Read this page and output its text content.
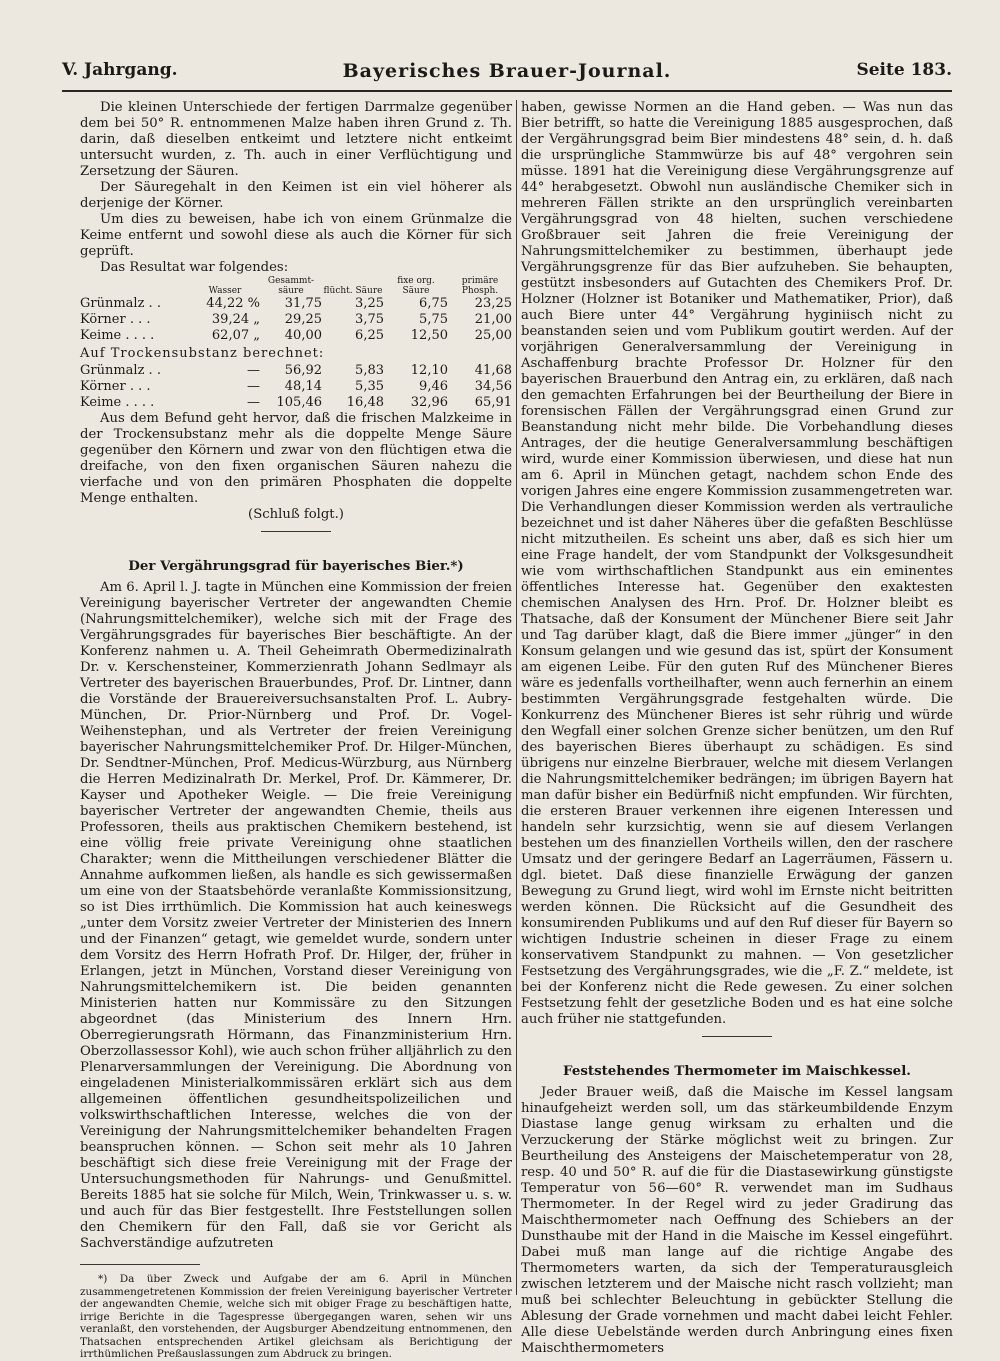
V. Jahrgang.	Bayerisches Brauer-Journal.	Seite 183.

Die kleinen Unterschiede der fertigen Darrmalze gegenüber dem bei 50° R. entnommenen Malze haben ihren Grund z. Th. darin, daß dieselben entkeimt und letztere nicht entkeimt untersucht wurden, z. Th. auch in einer Verflüchtigung und Zersetzung der Säuren.

Der Säuregehalt in den Keimen ist ein viel höherer als derjenige der Körner.

Um dies zu beweisen, habe ich von einem Grünmalze die Keime entfernt und sowohl diese als auch die Körner für sich geprüft.

Das Resultat war folgendes:

	Wasser	Gesammt-säure	flücht. Säure	fixe org. Säure	primäre Phosph.
Grünmalz . .	44,22 %	31,75	3,25	6,75	23,25
Körner . . .	39,24 „	29,25	3,75	5,75	21,00
Keime . . . .	62,07 „	40,00	6,25	12,50	25,00

Auf Trockensubstanz berechnet:					

Grünmalz . .	—	56,92	5,83	12,10	41,68
Körner . . .	—	48,14	5,35	9,46	34,56
Keime . . . .	—	105,46	16,48	32,96	65,91

Aus dem Befund geht hervor, daß die frischen Malzkeime in der Trockensubstanz mehr als die doppelte Menge Säure gegenüber den Körnern und zwar von den flüchtigen etwa die dreifache, von den fixen organischen Säuren nahezu die vierfache und von den primären Phosphaten die doppelte Menge enthalten.

(Schluß folgt.)

Der Vergährungsgrad für bayerisches Bier.*)

Am 6. April l. J. tagte in München eine Kommission der freien Vereinigung bayerischer Vertreter der angewandten Chemie (Nahrungsmittelchemiker), welche sich mit der Frage des Vergährungsgrades für bayerisches Bier beschäftigte. An der Konferenz nahmen u. A. Theil Geheimrath Obermedizinalrath Dr. v. Kerschensteiner, Kommerzienrath Johann Sedlmayr als Vertreter des bayerischen Brauerbundes, Prof. Dr. Lintner, dann die Vorstände der Brauereiversuchsanstalten Prof. L. Aubry-München, Dr. Prior-Nürnberg und Prof. Dr. Vogel-Weihenstephan, und als Vertreter der freien Vereinigung bayerischer Nahrungsmittelchemiker Prof. Dr. Hilger-München, Dr. Sendtner-München, Prof. Medicus-Würzburg, aus Nürnberg die Herren Medizinalrath Dr. Merkel, Prof. Dr. Kämmerer, Dr. Kayser und Apotheker Weigle. — Die freie Vereinigung bayerischer Vertreter der angewandten Chemie, theils aus Professoren, theils aus praktischen Chemikern bestehend, ist eine völlig freie private Vereinigung ohne staatlichen Charakter; wenn die Mittheilungen verschiedener Blätter die Annahme aufkommen ließen, als handle es sich gewissermaßen um eine von der Staatsbehörde veranlaßte Kommissionsitzung, so ist Dies irrthümlich. Die Kommission hat auch keineswegs „unter dem Vorsitz zweier Vertreter der Ministerien des Innern und der Finanzen“ getagt, wie gemeldet wurde, sondern unter dem Vorsitz des Herrn Hofrath Prof. Dr. Hilger, der, früher in Erlangen, jetzt in München, Vorstand dieser Vereinigung von Nahrungsmittelchemikern ist. Die beiden genannten Ministerien hatten nur Kommissäre zu den Sitzungen abgeordnet (das Ministerium des Innern Hrn. Oberregierungsrath Hörmann, das Finanzministerium Hrn. Oberzollassessor Kohl), wie auch schon früher alljährlich zu den Plenarversammlungen der Vereinigung. Die Abordnung von eingeladenen Ministerialkommissären erklärt sich aus dem allgemeinen öffentlichen gesundheitspolizeilichen und volkswirthschaftlichen Interesse, welches die von der Vereinigung der Nahrungsmittelchemiker behandelten Fragen beanspruchen können. — Schon seit mehr als 10 Jahren beschäftigt sich diese freie Vereinigung mit der Frage der Untersuchungsmethoden für Nahrungs- und Genußmittel. Bereits 1885 hat sie solche für Milch, Wein, Trinkwasser u. s. w. und auch für das Bier festgestellt. Ihre Feststellungen sollen den Chemikern für den Fall, daß sie vor Gericht als Sachverständige aufzutreten

*) Da über Zweck und Aufgabe der am 6. April in München zusammengetretenen Kommission der freien Vereinigung bayerischer Vertreter der angewandten Chemie, welche sich mit obiger Frage zu beschäftigen hatte, irrige Berichte in die Tagespresse übergegangen waren, sehen wir uns veranlaßt, den vorstehenden, der Augsburger Abendzeitung entnommenen, den Thatsachen entsprechenden Artikel gleichsam als Berichtigung der irrthümlichen Preßauslassungen zum Abdruck zu bringen.

haben, gewisse Normen an die Hand geben. — Was nun das Bier betrifft, so hatte die Vereinigung 1885 ausgesprochen, daß der Vergährungsgrad beim Bier mindestens 48° sein, d. h. daß die ursprüngliche Stammwürze bis auf 48° vergohren sein müsse. 1891 hat die Vereinigung diese Vergährungsgrenze auf 44° herabgesetzt. Obwohl nun ausländische Chemiker sich in mehreren Fällen strikte an den ursprünglich vereinbarten Vergährungsgrad von 48 hielten, suchen verschiedene Großbrauer seit Jahren die freie Vereinigung der Nahrungsmittelchemiker zu bestimmen, überhaupt jede Vergährungsgrenze für das Bier aufzuheben. Sie behaupten, gestützt insbesonders auf Gutachten des Chemikers Prof. Dr. Holzner (Holzner ist Botaniker und Mathematiker, Prior), daß auch Biere unter 44° Vergährung hyginiisch nicht zu beanstanden seien und vom Publikum goutirt werden. Auf der vorjährigen Generalversammlung der Vereinigung in Aschaffenburg brachte Professor Dr. Holzner für den bayerischen Brauerbund den Antrag ein, zu erklären, daß nach den gemachten Erfahrungen bei der Beurtheilung der Biere in forensischen Fällen der Vergährungsgrad einen Grund zur Beanstandung nicht mehr bilde. Die Vorbehandlung dieses Antrages, der die heutige Generalversammlung beschäftigen wird, wurde einer Kommission überwiesen, und diese hat nun am 6. April in München getagt, nachdem schon Ende des vorigen Jahres eine engere Kommission zusammengetreten war. Die Verhandlungen dieser Kommission werden als vertrauliche bezeichnet und ist daher Näheres über die gefaßten Beschlüsse nicht mitzutheilen. Es scheint uns aber, daß es sich hier um eine Frage handelt, der vom Standpunkt der Volksgesundheit wie vom wirthschaftlichen Standpunkt aus ein eminentes öffentliches Interesse hat. Gegenüber den exaktesten chemischen Analysen des Hrn. Prof. Dr. Holzner bleibt es Thatsache, daß der Konsument der Münchener Biere seit Jahr und Tag darüber klagt, daß die Biere immer „jünger“ in den Konsum gelangen und wie gesund das ist, spürt der Konsument am eigenen Leibe. Für den guten Ruf des Münchener Bieres wäre es jedenfalls vortheilhafter, wenn auch fernerhin an einem bestimmten Vergährungsgrade festgehalten würde. Die Konkurrenz des Münchener Bieres ist sehr rührig und würde den Wegfall einer solchen Grenze sicher benützen, um den Ruf des bayerischen Bieres überhaupt zu schädigen. Es sind übrigens nur einzelne Bierbrauer, welche mit diesem Verlangen die Nahrungsmittelchemiker bedrängen; im übrigen Bayern hat man dafür bisher ein Bedürfniß nicht empfunden. Wir fürchten, die ersteren Brauer verkennen ihre eigenen Interessen und handeln sehr kurzsichtig, wenn sie auf diesem Verlangen bestehen um des finanziellen Vortheils willen, den der raschere Umsatz und der geringere Bedarf an Lagerräumen, Fässern u. dgl. bietet. Daß diese finanzielle Erwägung der ganzen Bewegung zu Grund liegt, wird wohl im Ernste nicht beitritten werden können. Die Rücksicht auf die Gesundheit des konsumirenden Publikums und auf den Ruf dieser für Bayern so wichtigen Industrie scheinen in dieser Frage zu einem konservativem Standpunkt zu mahnen. — Von gesetzlicher Festsetzung des Vergährungsgrades, wie die „F. Z.“ meldete, ist bei der Konferenz nicht die Rede gewesen. Zu einer solchen Festsetzung fehlt der gesetzliche Boden und es hat eine solche auch früher nie stattgefunden.

Feststehendes Thermometer im Maischkessel.

Jeder Brauer weiß, daß die Maische im Kessel langsam hinaufgeheizt werden soll, um das stärkeumbildende Enzym Diastase lange genug wirksam zu erhalten und die Verzuckerung der Stärke möglichst weit zu bringen. Zur Beurtheilung des Ansteigens der Maischetemperatur von 28, resp. 40 und 50° R. auf die für die Diastasewirkung günstigste Temperatur von 56—60° R. verwendet man im Sudhaus Thermometer. In der Regel wird zu jeder Gradirung das Maischthermometer nach Oeffnung des Schiebers an der Dunsthaube mit der Hand in die Maische im Kessel eingeführt. Dabei muß man lange auf die richtige Angabe des Thermometers warten, da sich der Temperaturausgleich zwischen letzterem und der Maische nicht rasch vollzieht; man muß bei schlechter Beleuchtung in gebückter Stellung die Ablesung der Grade vornehmen und macht dabei leicht Fehler. Alle diese Uebelstände werden durch Anbringung eines fixen Maischthermometers
